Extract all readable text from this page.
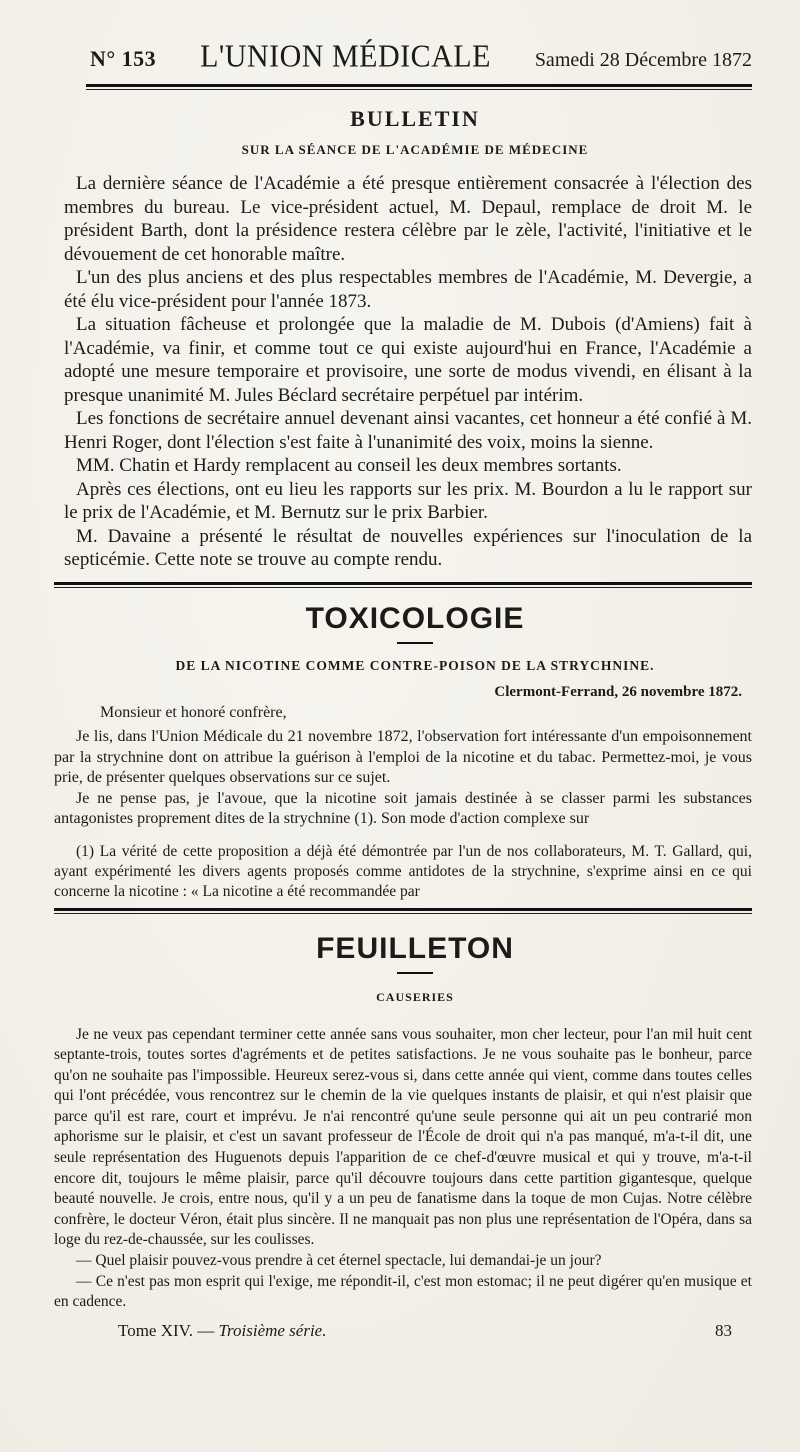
N° 153 L'UNION MÉDICALE Samedi 28 Décembre 1872
BULLETIN
SUR LA SÉANCE DE L'ACADÉMIE DE MÉDECINE

La dernière séance de l'Académie a été presque entièrement consacrée à l'élection des membres du bureau. Le vice-président actuel, M. Depaul, remplace de droit M. le président Barth, dont la présidence restera célèbre par le zèle, l'activité, l'initiative et le dévouement de cet honorable maître.

L'un des plus anciens et des plus respectables membres de l'Académie, M. Devergie, a été élu vice-président pour l'année 1873.

La situation fâcheuse et prolongée que la maladie de M. Dubois (d'Amiens) fait à l'Académie, va finir, et comme tout ce qui existe aujourd'hui en France, l'Académie a adopté une mesure temporaire et provisoire, une sorte de modus vivendi, en élisant à la presque unanimité M. Jules Béclard secrétaire perpétuel par intérim.

Les fonctions de secrétaire annuel devenant ainsi vacantes, cet honneur a été confié à M. Henri Roger, dont l'élection s'est faite à l'unanimité des voix, moins la sienne.

MM. Chatin et Hardy remplacent au conseil les deux membres sortants.

Après ces élections, ont eu lieu les rapports sur les prix. M. Bourdon a lu le rapport sur le prix de l'Académie, et M. Bernutz sur le prix Barbier.

M. Davaine a présenté le résultat de nouvelles expériences sur l'inoculation de la septicémie. Cette note se trouve au compte rendu.

TOXICOLOGIE
DE LA NICOTINE COMME CONTRE-POISON DE LA STRYCHNINE.
Clermont-Ferrand, 26 novembre 1872.

Monsieur et honoré confrère,

Je lis, dans l'Union Médicale du 21 novembre 1872, l'observation fort intéressante d'un empoisonnement par la strychnine dont on attribue la guérison à l'emploi de la nicotine et du tabac. Permettez-moi, je vous prie, de présenter quelques observations sur ce sujet.

Je ne pense pas, je l'avoue, que la nicotine soit jamais destinée à se classer parmi les substances antagonistes proprement dites de la strychnine (1). Son mode d'action complexe sur

(1) La vérité de cette proposition a déjà été démontrée par l'un de nos collaborateurs, M. T. Gallard, qui, ayant expérimenté les divers agents proposés comme antidotes de la strychnine, s'exprime ainsi en ce qui concerne la nicotine : « La nicotine a été recommandée par

FEUILLETON
CAUSERIES

Je ne veux pas cependant terminer cette année sans vous souhaiter, mon cher lecteur, pour l'an mil huit cent septante-trois, toutes sortes d'agréments et de petites satisfactions. Je ne vous souhaite pas le bonheur, parce qu'on ne souhaite pas l'impossible. Heureux serez-vous si, dans cette année qui vient, comme dans toutes celles qui l'ont précédée, vous rencontrez sur le chemin de la vie quelques instants de plaisir, et qui n'est plaisir que parce qu'il est rare, court et imprévu. Je n'ai rencontré qu'une seule personne qui ait un peu contrarié mon aphorisme sur le plaisir, et c'est un savant professeur de l'École de droit qui n'a pas manqué, m'a-t-il dit, une seule représentation des Huguenots depuis l'apparition de ce chef-d'œuvre musical et qui y trouve, m'a-t-il encore dit, toujours le même plaisir, parce qu'il découvre toujours dans cette partition gigantesque, quelque beauté nouvelle. Je crois, entre nous, qu'il y a un peu de fanatisme dans la toque de mon Cujas. Notre célèbre confrère, le docteur Véron, était plus sincère. Il ne manquait pas non plus une représentation de l'Opéra, dans sa loge du rez-de-chaussée, sur les coulisses.

— Quel plaisir pouvez-vous prendre à cet éternel spectacle, lui demandai-je un jour?

— Ce n'est pas mon esprit qui l'exige, me répondit-il, c'est mon estomac; il ne peut digérer qu'en musique et en cadence.

Tome XIV. — Troisième série.	83
